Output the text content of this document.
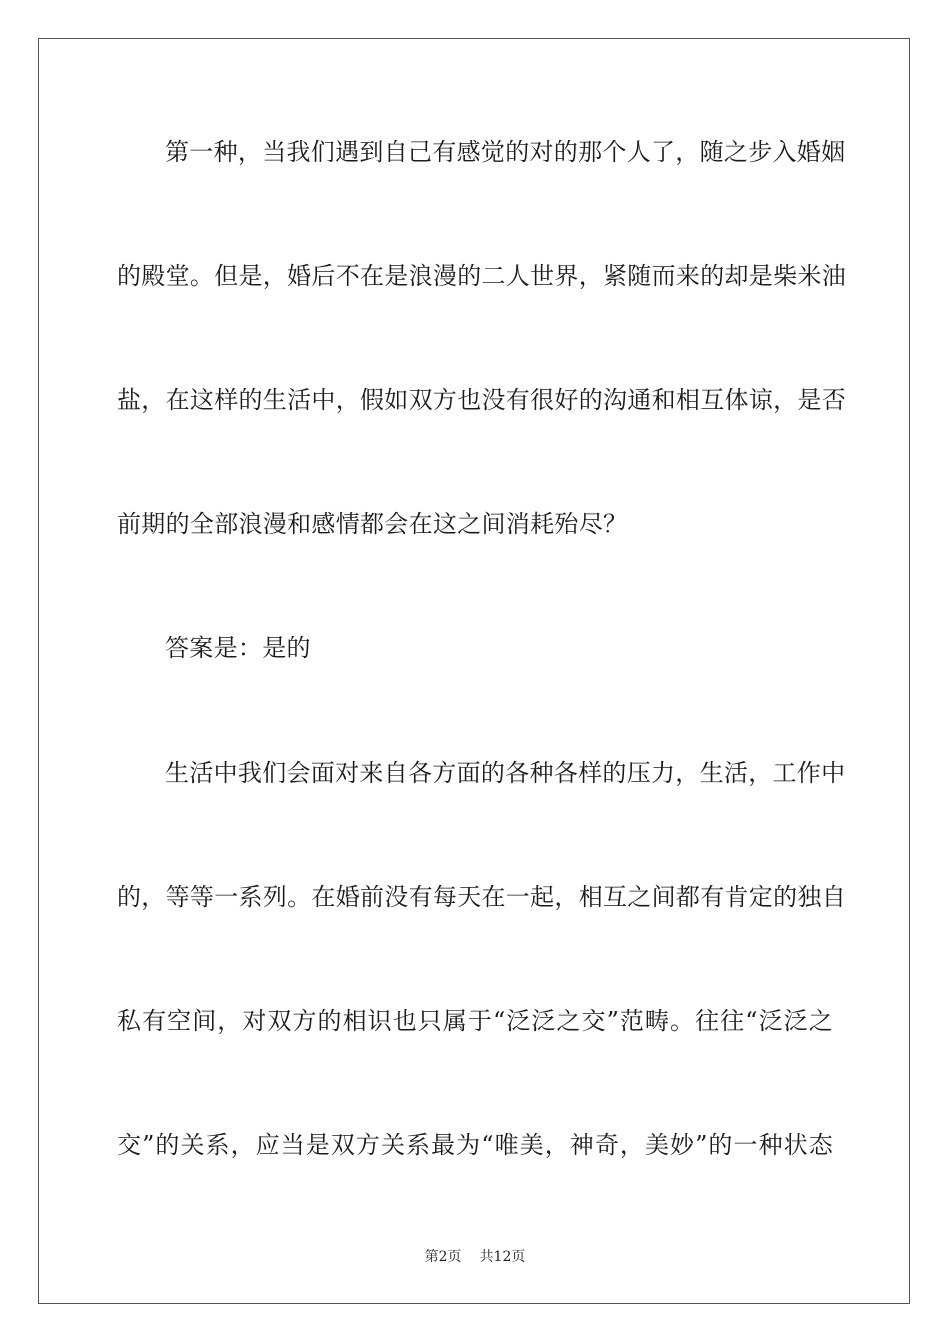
第一种，当我们遇到自己有感觉的对的那个人了，随之步入婚姻
的殿堂。但是，婚后不在是浪漫的二人世界，紧随而来的却是柴米油
盐，在这样的生活中，假如双方也没有很好的沟通和相互体谅，是否
前期的全部浪漫和感情都会在这之间消耗殆尽？
答案是：是的
生活中我们会面对来自各方面的各种各样的压力，生活，工作中
的，等等一系列。在婚前没有每天在一起，相互之间都有肯定的独自
私有空间，对双方的相识也只属于“泛泛之交”范畴。往往“泛泛之
交”的关系，应当是双方关系最为“唯美，神奇，美妙”的一种状态
第2页 共12页
